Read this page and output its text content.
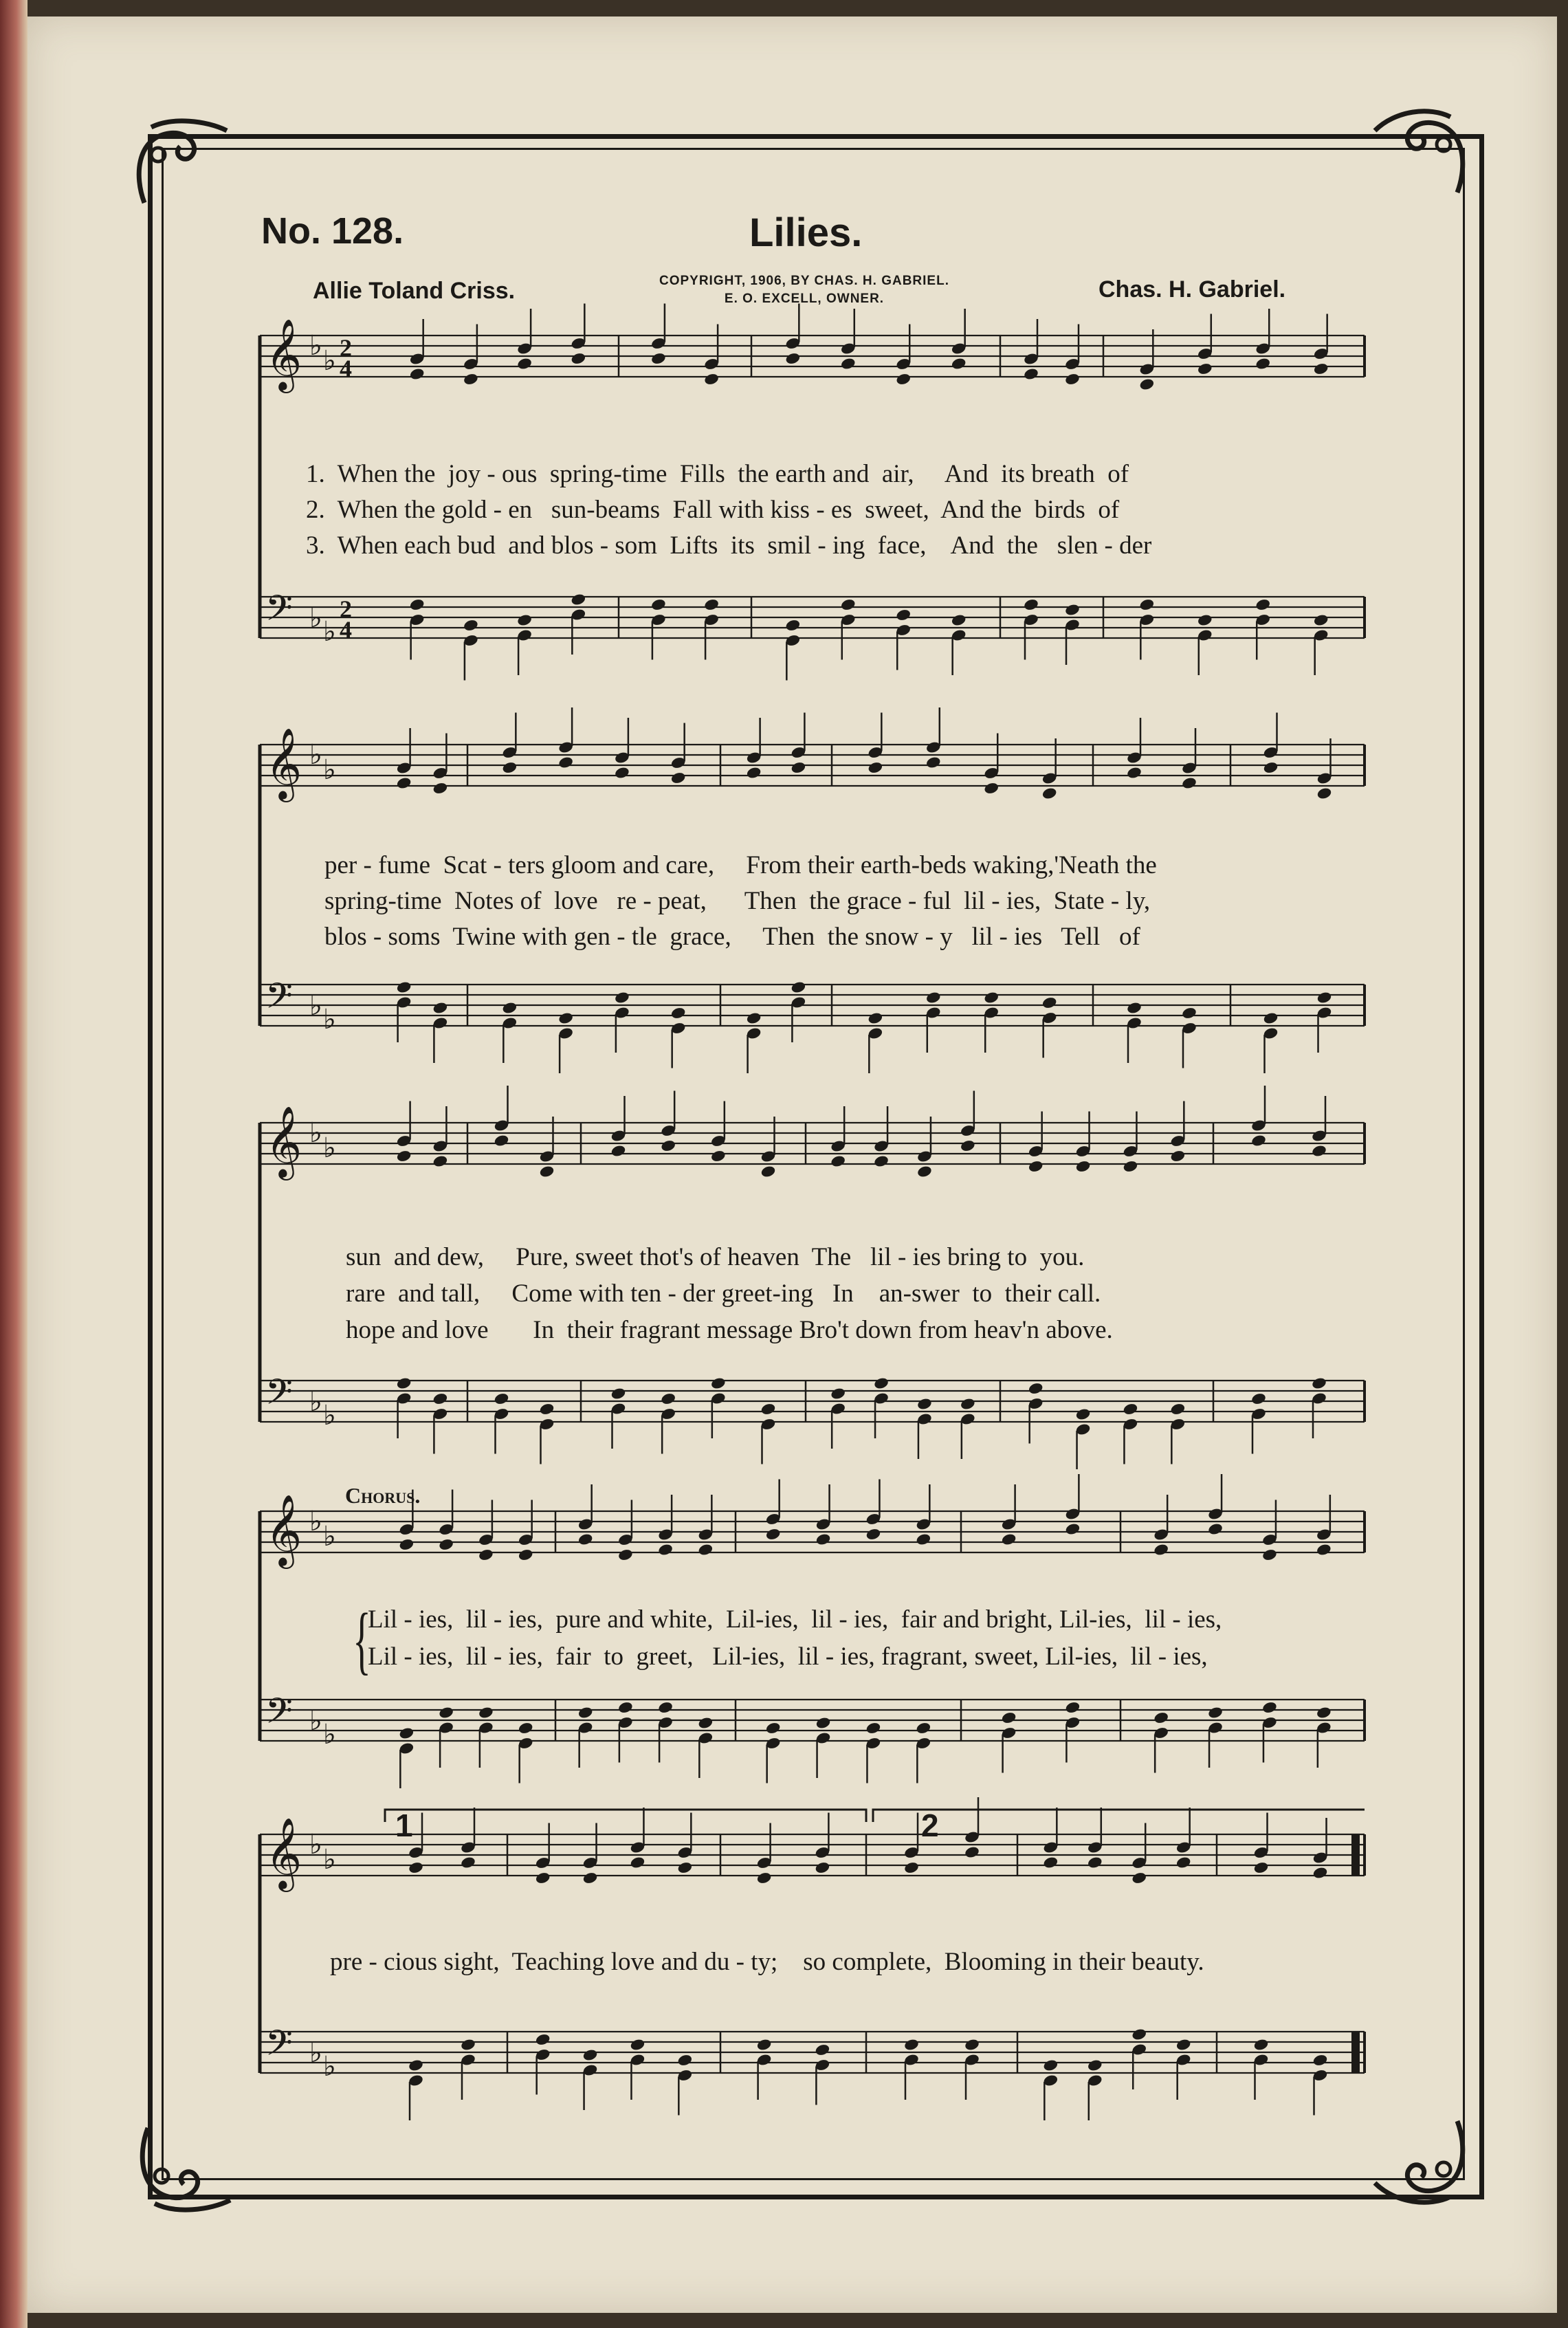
No. 128.	Lilies.
Allie Toland Criss.	COPYRIGHT, 1906, BY CHAS. H. GABRIEL.
E. O. EXCELL, OWNER.	Chas. H. Gabriel.
𝄞 ♭ ♭ 2
4
𝄢 ♭ ♭
2
4
𝄞 ♭ ♭
𝄢 ♭ ♭
𝄞 ♭ ♭
𝄢 ♭ ♭
𝄞 ♭ ♭
𝄢 ♭ ♭
𝄞 ♭ ♭
𝄢 ♭ ♭
1.  When the  joy - ous  spring-time  Fills  the earth and  air,     And  its breath  of
2.  When the gold - en   sun-beams  Fall with kiss - es  sweet,  And the  birds  of
3.  When each bud  and blos - som  Lifts  its  smil - ing  face,    And  the   slen - der
per - fume  Scat - ters gloom and care,     From their earth-beds waking,'Neath the
spring-time  Notes of  love   re - peat,      Then  the grace - ful  lil - ies,  State - ly,
blos - soms  Twine with gen - tle  grace,     Then  the snow - y   lil - ies   Tell   of
sun  and dew,     Pure, sweet thot's of heaven  The   lil - ies bring to  you.
rare  and tall,     Come with ten - der greet-ing   In    an-swer  to  their call.
hope and love       In  their fragrant message Bro't down from heav'n above.
Chorus.
{
Lil - ies,  lil - ies,  pure and white,  Lil-ies,  lil - ies,  fair and bright, Lil-ies,  lil - ies,
Lil - ies,  lil - ies,  fair  to  greet,   Lil-ies,  lil - ies, fragrant, sweet, Lil-ies,  lil - ies,
1	2
pre - cious sight,  Teaching love and du - ty;    so complete,  Blooming in their beauty.
